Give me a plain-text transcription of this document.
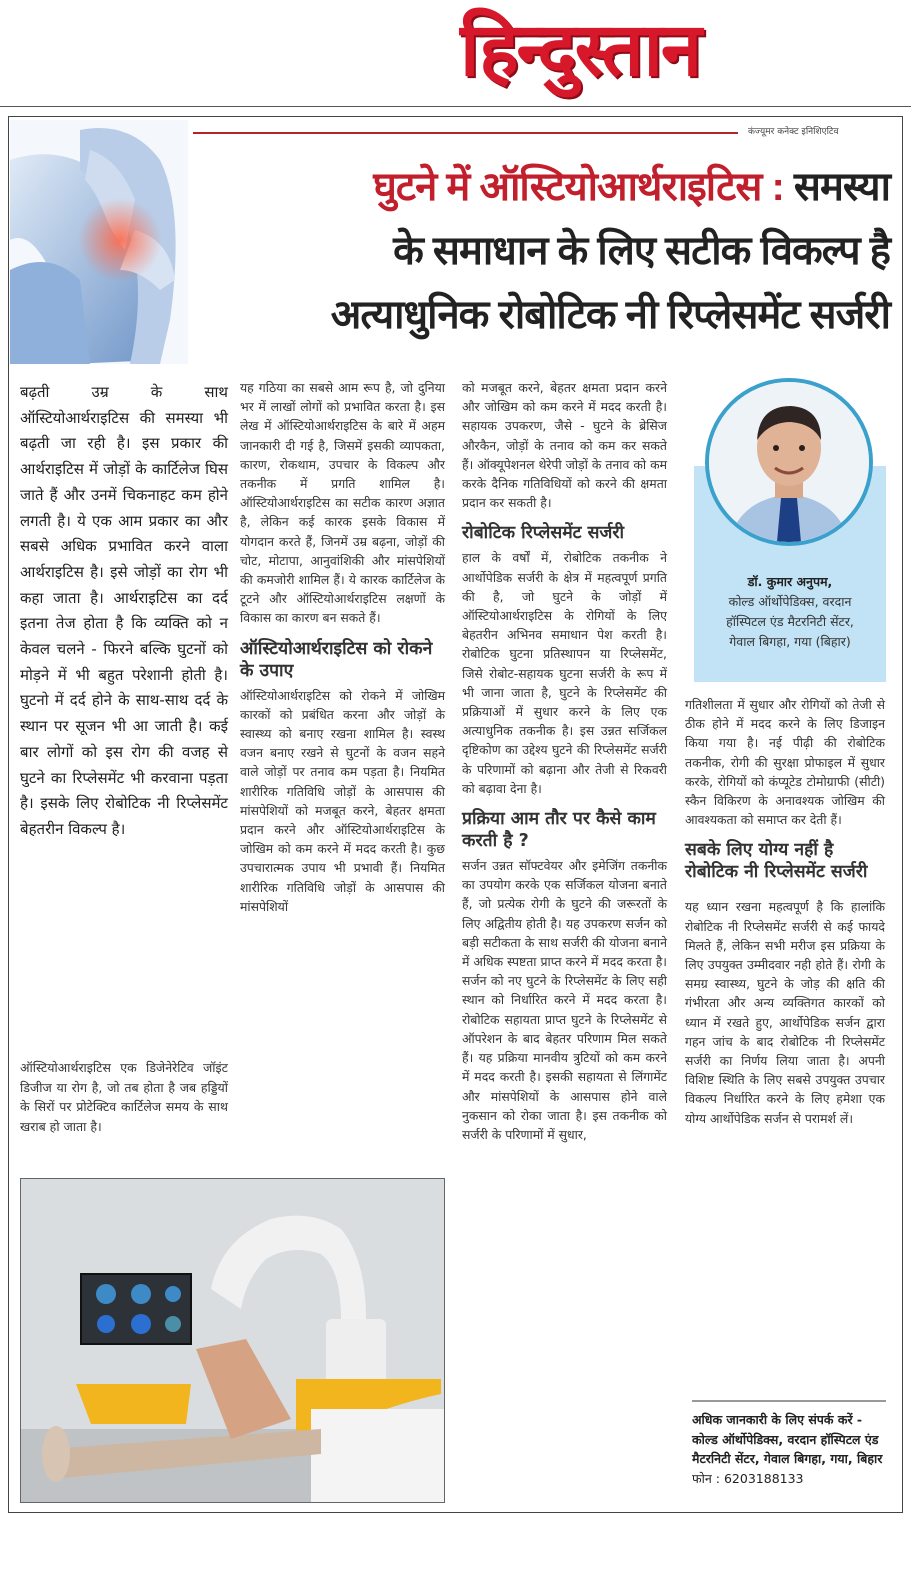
हिन्दुस्तान
कंज्यूमर कनेक्ट इनिशिएटिव
घुटने में ऑस्टियोआर्थराइटिस : समस्या
के समाधान के लिए सटीक विकल्प है
अत्याधुनिक रोबोटिक नी रिप्लेसमेंट सर्जरी

बढ़ती उम्र के साथ ऑस्टियोआर्थराइटिस की समस्या भी बढ़ती जा रही है। इस प्रकार की आर्थराइटिस में जोड़ों के कार्टिलेज घिस जाते हैं और उनमें चिकनाहट कम होने लगती है। ये एक आम प्रकार का और सबसे अधिक प्रभावित करने वाला आर्थराइटिस है। इसे जोड़ों का रोग भी कहा जाता है। आर्थराइटिस का दर्द इतना तेज होता है कि व्यक्ति को न केवल चलने - फिरने बल्कि घुटनों को मोड़ने में भी बहुत परेशानी होती है। घुटनो में दर्द होने के साथ-साथ दर्द के स्थान पर सूजन भी आ जाती है। कई बार लोगों को इस रोग की वजह से घुटने का रिप्लेसमेंट भी करवाना पड़ता है। इसके लिए रोबोटिक नी रिप्लेसमेंट बेहतरीन विकल्प है।

ऑस्टियोआर्थराइटिस एक डिजेनेरेटिव जॉइंट डिजीज या रोग है, जो तब होता है जब हड्डियों के सिरों पर प्रोटेक्टिव कार्टिलेज समय के साथ खराब हो जाता है।

यह गठिया का सबसे आम रूप है, जो दुनिया भर में लाखों लोगों को प्रभावित करता है। इस लेख में ऑस्टियोआर्थराइटिस के बारे में अहम जानकारी दी गई है, जिसमें इसकी व्यापकता, कारण, रोकथाम, उपचार के विकल्प और तकनीक में प्रगति शामिल है। ऑस्टियोआर्थराइटिस का सटीक कारण अज्ञात है, लेकिन कई कारक इसके विकास में योगदान करते हैं, जिनमें उम्र बढ़ना, जोड़ों की चोट, मोटापा, आनुवांशिकी और मांसपेशियों की कमजोरी शामिल हैं। ये कारक कार्टिलेज के टूटने और ऑस्टियोआर्थराइटिस लक्षणों के विकास का कारण बन सकते हैं।

ऑस्टियोआर्थराइटिस को रोकने के उपाए

ऑस्टियोआर्थराइटिस को रोकने में जोखिम कारकों को प्रबंधित करना और जोड़ों के स्वास्थ्य को बनाए रखना शामिल है। स्वस्थ वजन बनाए रखने से घुटनों के वजन सहने वाले जोड़ों पर तनाव कम पड़ता है। नियमित शारीरिक गतिविधि जोड़ों के आसपास की मांसपेशियों को मजबूत करने, बेहतर क्षमता प्रदान करने और ऑस्टियोआर्थराइटिस के जोखिम को कम करने में मदद करती है। कुछ उपचारात्मक उपाय भी प्रभावी हैं। नियमित शारीरिक गतिविधि जोड़ों के आसपास की मांसपेशियों

को मजबूत करने, बेहतर क्षमता प्रदान करने और जोखिम को कम करने में मदद करती है। सहायक उपकरण, जैसे - घुटने के ब्रेसिज औरकैन, जोड़ों के तनाव को कम कर सकते हैं। ऑक्यूपेशनल थेरेपी जोड़ों के तनाव को कम करके दैनिक गतिविधियों को करने की क्षमता प्रदान कर सकती है।

रोबोटिक रिप्लेसमेंट सर्जरी

हाल के वर्षों में, रोबोटिक तकनीक ने आर्थोपेडिक सर्जरी के क्षेत्र में महत्वपूर्ण प्रगति की है, जो घुटने के जोड़ों में ऑस्टियोआर्थराइटिस के रोगियों के लिए बेहतरीन अभिनव समाधान पेश करती है। रोबोटिक घुटना प्रतिस्थापन या रिप्लेसमेंट, जिसे रोबोट-सहायक घुटना सर्जरी के रूप में भी जाना जाता है, घुटने के रिप्लेसमेंट की प्रक्रियाओं में सुधार करने के लिए एक अत्याधुनिक तकनीक है। इस उन्नत सर्जिकल दृष्टिकोण का उद्देश्य घुटने की रिप्लेसमेंट सर्जरी के परिणामों को बढ़ाना और तेजी से रिकवरी को बढ़ावा देना है।

प्रक्रिया आम तौर पर कैसे काम करती है ?

सर्जन उन्नत सॉफ्टवेयर और इमेजिंग तकनीक का उपयोग करके एक सर्जिकल योजना बनाते हैं, जो प्रत्येक रोगी के घुटने की जरूरतों के लिए अद्वितीय होती है। यह उपकरण सर्जन को बड़ी सटीकता के साथ सर्जरी की योजना बनाने में अधिक स्पष्टता प्राप्त करने में मदद करता है। सर्जन को नए घुटने के रिप्लेसमेंट के लिए सही स्थान को निर्धारित करने में मदद करता है। रोबोटिक सहायता प्राप्त घुटने के रिप्लेसमेंट से ऑपरेशन के बाद बेहतर परिणाम मिल सकते हैं। यह प्रक्रिया मानवीय त्रुटियों को कम करने में मदद करती है। इसकी सहायता से लिंगामेंट और मांसपेशियों के आसपास होने वाले नुकसान को रोका जाता है। इस तकनीक को सर्जरी के परिणामों में सुधार,

डॉ. कुमार अनुपम,
कोल्ड ऑर्थोपेडिक्स, वरदान
हॉस्पिटल एंड मैटरनिटी सेंटर,
गेवाल बिगहा, गया (बिहार)

गतिशीलता में सुधार और रोगियों को तेजी से ठीक होने में मदद करने के लिए डिजाइन किया गया है। नई पीढ़ी की रोबोटिक तकनीक, रोगी की सुरक्षा प्रोफाइल में सुधार करके, रोगियों को कंप्यूटेड टोमोग्राफी (सीटी) स्कैन विकिरण के अनावश्यक जोखिम की आवश्यकता को समाप्त कर देती हैं।

सबके लिए योग्य नहीं है रोबोटिक नी रिप्लेसमेंट सर्जरी

यह ध्यान रखना महत्वपूर्ण है कि हालांकि रोबोटिक नी रिप्लेसमेंट सर्जरी से कई फायदे मिलते हैं, लेकिन सभी मरीज इस प्रक्रिया के लिए उपयुक्त उम्मीदवार नही होते हैं। रोगी के समग्र स्वास्थ्य, घुटने के जोड़ की क्षति की गंभीरता और अन्य व्यक्तिगत कारकों को ध्यान में रखते हुए, आर्थोपेडिक सर्जन द्वारा गहन जांच के बाद रोबोटिक नी रिप्लेसमेंट सर्जरी का निर्णय लिया जाता है। अपनी विशिष्ट स्थिति के लिए सबसे उपयुक्त उपचार विकल्प निर्धारित करने के लिए हमेशा एक योग्य आर्थोपेडिक सर्जन से परामर्श लें।

अधिक जानकारी के लिए संपर्क करें - कोल्ड ऑर्थोपेडिक्स, वरदान हॉस्पिटल एंड मैटरनिटी सेंटर, गेवाल बिगहा, गया, बिहार

फोन : 6203188133
